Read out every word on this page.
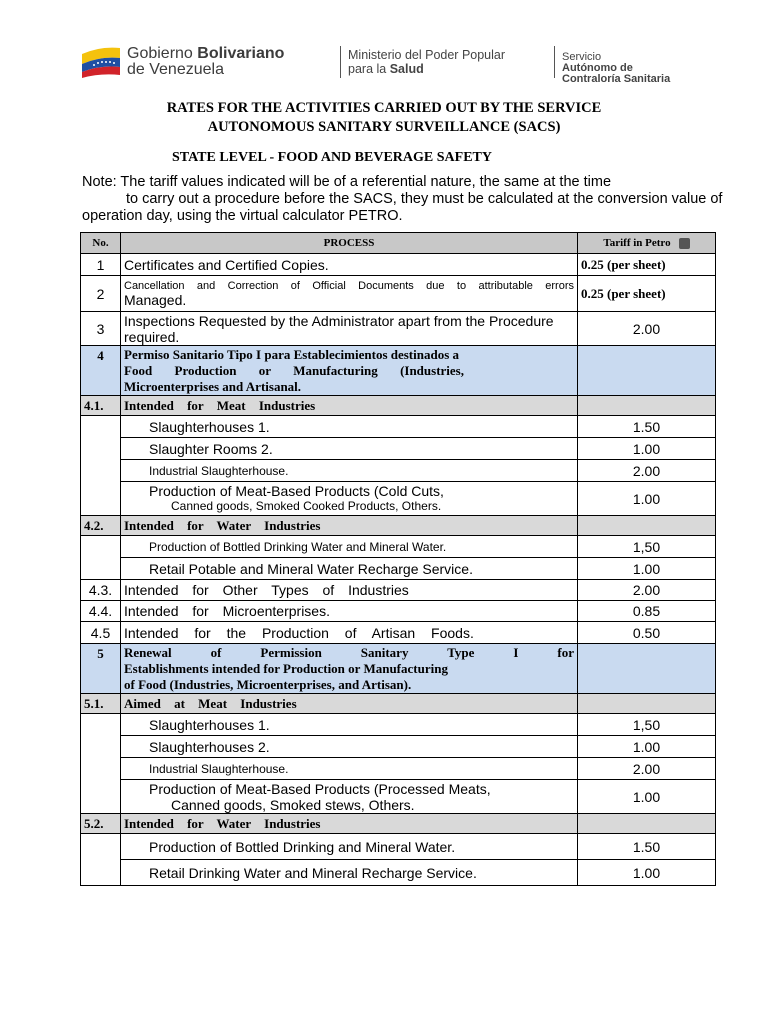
Gobierno Bolivariano
de Venezuela
Ministerio del Poder Popular
para la Salud
Servicio
Autónomo de
Contraloría Sanitaria
RATES FOR THE ACTIVITIES CARRIED OUT BY THE SERVICE
AUTONOMOUS SANITARY SURVEILLANCE (SACS)
STATE LEVEL - FOOD AND BEVERAGE SAFETY
Note: The tariff values indicated will be of a referential nature, the same at the time
to carry out a procedure before the SACS, they must be calculated at the conversion value of
operation day, using the virtual calculator PETRO.
No.	PROCESS	Tariff in Petro
1	Certificates and Certified Copies.	0.25 (per sheet)
2	Cancellation and Correction of Official Documents due to attributable errors
Managed.	0.25 (per sheet)
3	Inspections Requested by the Administrator apart from the Procedure
required.	2.00
4	Permiso Sanitario Tipo I para Establecimientos destinados a
Food Production or Manufacturing (Industries,
Microenterprises and Artisanal.	

4.1.	Intended for Meat Industries	
	Slaughterhouses 1.	1.50
	Slaughter Rooms 2.	1.00
	Industrial Slaughterhouse.	2.00

	Production of Meat-Based Products (Cold Cuts,
Canned goods, Smoked Cooked Products, Others.	1.00
4.2.	Intended for Water Industries	
	Production of Bottled Drinking Water and Mineral Water.	1,50
	Retail Potable and Mineral Water Recharge Service.	1.00
4.3.	Intended for Other Types of Industries	2.00
4.4.	Intended for Microenterprises.	0.85
4.5	Intended for the Production of Artisan Foods.	0.50
5	Renewal of Permission Sanitary Type I for
Establishments intended for Production or Manufacturing
of Food (Industries, Microenterprises, and Artisan).	

5.1.	Aimed at Meat Industries	
	Slaughterhouses 1.	1,50
	Slaughterhouses 2.	1.00
	Industrial Slaughterhouse.	2.00

	Production of Meat-Based Products (Processed Meats,
Canned goods, Smoked stews, Others.	1.00
5.2.	Intended for Water Industries	
	Production of Bottled Drinking and Mineral Water.	1.50
	Retail Drinking Water and Mineral Recharge Service.	1.00
